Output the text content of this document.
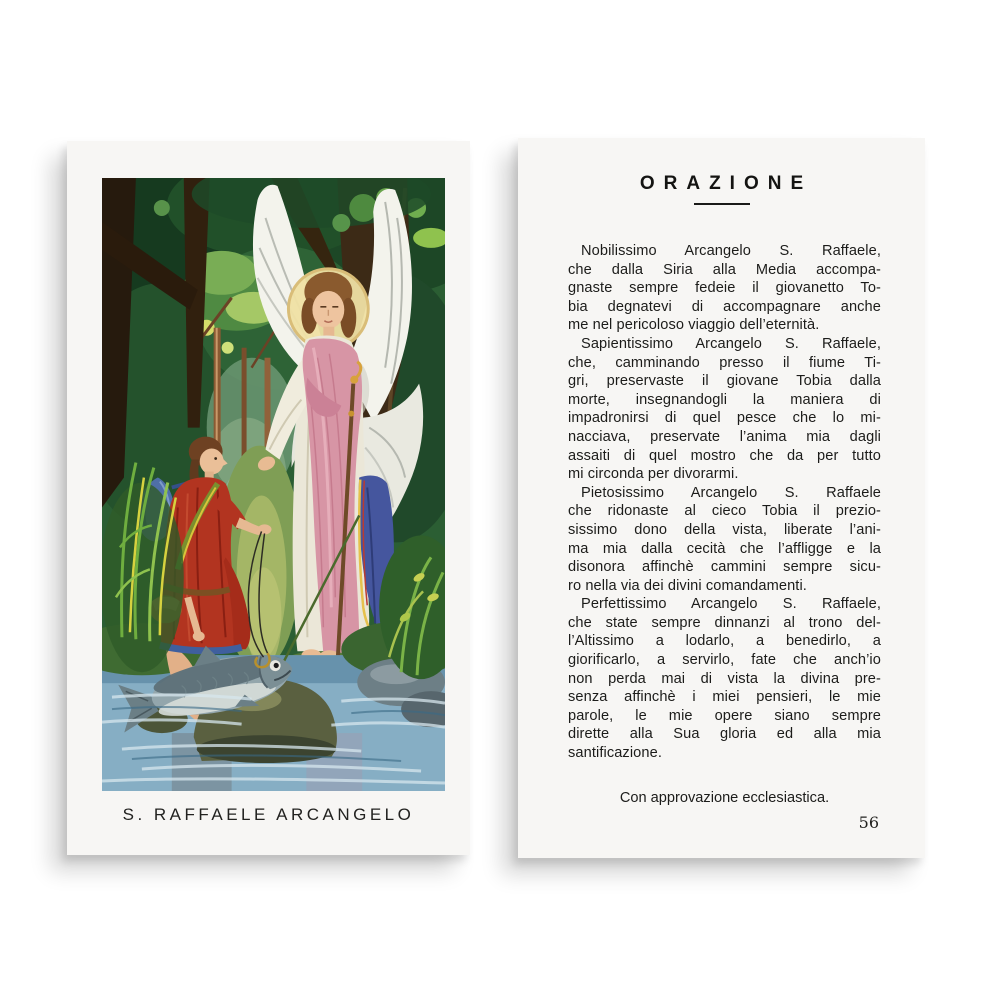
S. RAFFAELE ARCANGELO
ORAZIONE
Nobilissimo Arcangelo S. Raffaele,
che dalla Siria alla Media accompa-
gnaste sempre fedeie il giovanetto To-
bia degnatevi di accompagnare anche
me nel pericoloso viaggio dell’eternità.
Sapientissimo Arcangelo S. Raffaele,
che, camminando presso il fiume Ti-
gri, preservaste il giovane Tobia dalla
morte, insegnandogli la maniera di
impadronirsi di quel pesce che lo mi-
nacciava, preservate l’anima mia dagli
assaiti di quel mostro che da per tutto
mi circonda per divorarmi.
Pietosissimo Arcangelo S. Raffaele
che ridonaste al cieco Tobia il prezio-
sissimo dono della vista, liberate l’ani-
ma mia dalla cecità che l’affligge e la
disonora affinchè cammini sempre sicu-
ro nella via dei divini comandamenti.
Perfettissimo Arcangelo S. Raffaele,
che state sempre dinnanzi al trono del-
l’Altissimo a lodarlo, a benedirlo, a
giorificarlo, a servirlo, fate che anch’io
non perda mai di vista la divina pre-
senza affinchè i miei pensieri, le mie
parole, le mie opere siano sempre
dirette alla Sua gloria ed alla mia
santificazione.
Con approvazione ecclesiastica.
56
